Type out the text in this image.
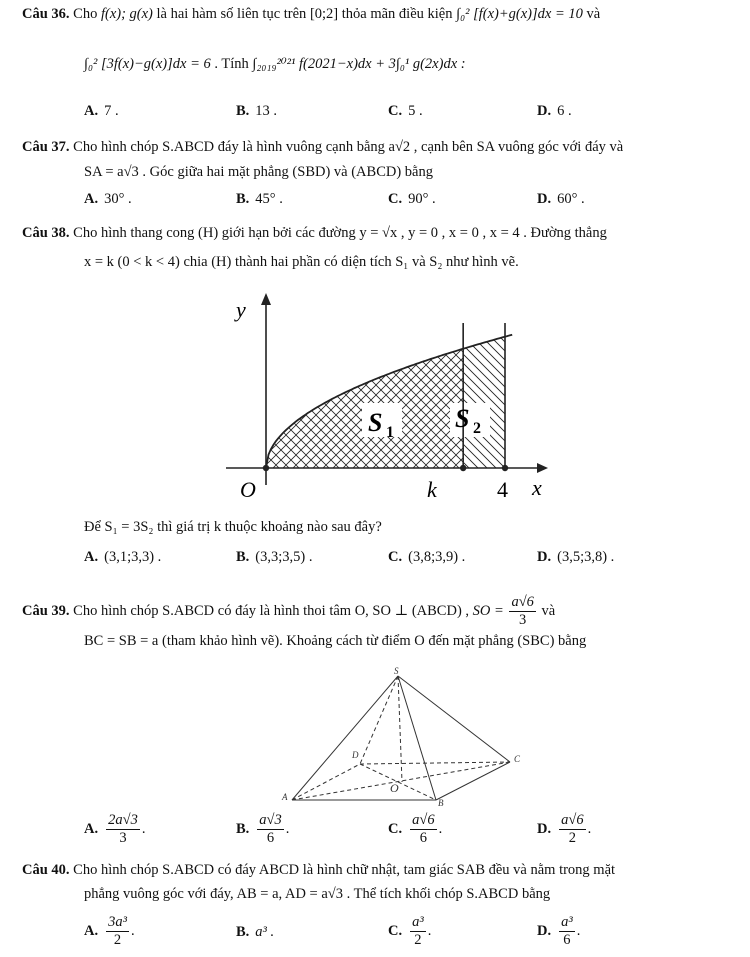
Câu 36. Cho f(x); g(x) là hai hàm số liên tục trên [0;2] thỏa mãn điều kiện ∫₀² [f(x)+g(x)]dx = 10 và
∫₀² [3f(x)−g(x)]dx = 6 . Tính ∫₂₀₁₉²⁰²¹ f(2021−x)dx + 3∫₀¹ g(2x)dx :
A. 7 .	B. 13 .	C. 5 .	D. 6 .
Câu 37. Cho hình chóp S.ABCD đáy là hình vuông cạnh bằng a√2 , cạnh bên SA vuông góc với đáy và
SA = a√3 . Góc giữa hai mặt phẳng (SBD) và (ABCD) bằng
A. 30° .	B. 45° .	C. 90° .	D. 60° .
Câu 38. Cho hình thang cong (H) giới hạn bởi các đường y = √x , y = 0 , x = 0 , x = 4 . Đường thẳng
x = k (0 < k < 4) chia (H) thành hai phần có diện tích S₁ và S₂ như hình vẽ.
y
x
O	k	4
S 1 S 2
Để S₁ = 3S₂ thì giá trị k thuộc khoảng nào sau đây?
A. (3,1;3,3) .	B. (3,3;3,5) .	C. (3,8;3,9) .	D. (3,5;3,8) .
Câu 39. Cho hình chóp S.ABCD có đáy là hình thoi tâm O, SO ⊥ (ABCD) , SO = $\frac{a√6}{3}$ và
BC = SB = a (tham khảo hình vẽ). Khoảng cách từ điểm O đến mặt phẳng (SBC) bằng
S
A
B
C
D
O
A. $\frac{2a√3}{3}$ .	B. $\frac{a√3}{6}$ .	C. $\frac{a√6}{6}$ .	D. $\frac{a√6}{2}$ .
Câu 40. Cho hình chóp S.ABCD có đáy ABCD là hình chữ nhật, tam giác SAB đều và nằm trong mặt
phẳng vuông góc với đáy, AB = a, AD = a√3 . Thể tích khối chóp S.ABCD bằng
A. $\frac{\text{3a³}}{2}$ .	B. a³ .	C. $\frac{\text{a³}}{2}$ .	D. $\frac{\text{a³}}{6}$ .
